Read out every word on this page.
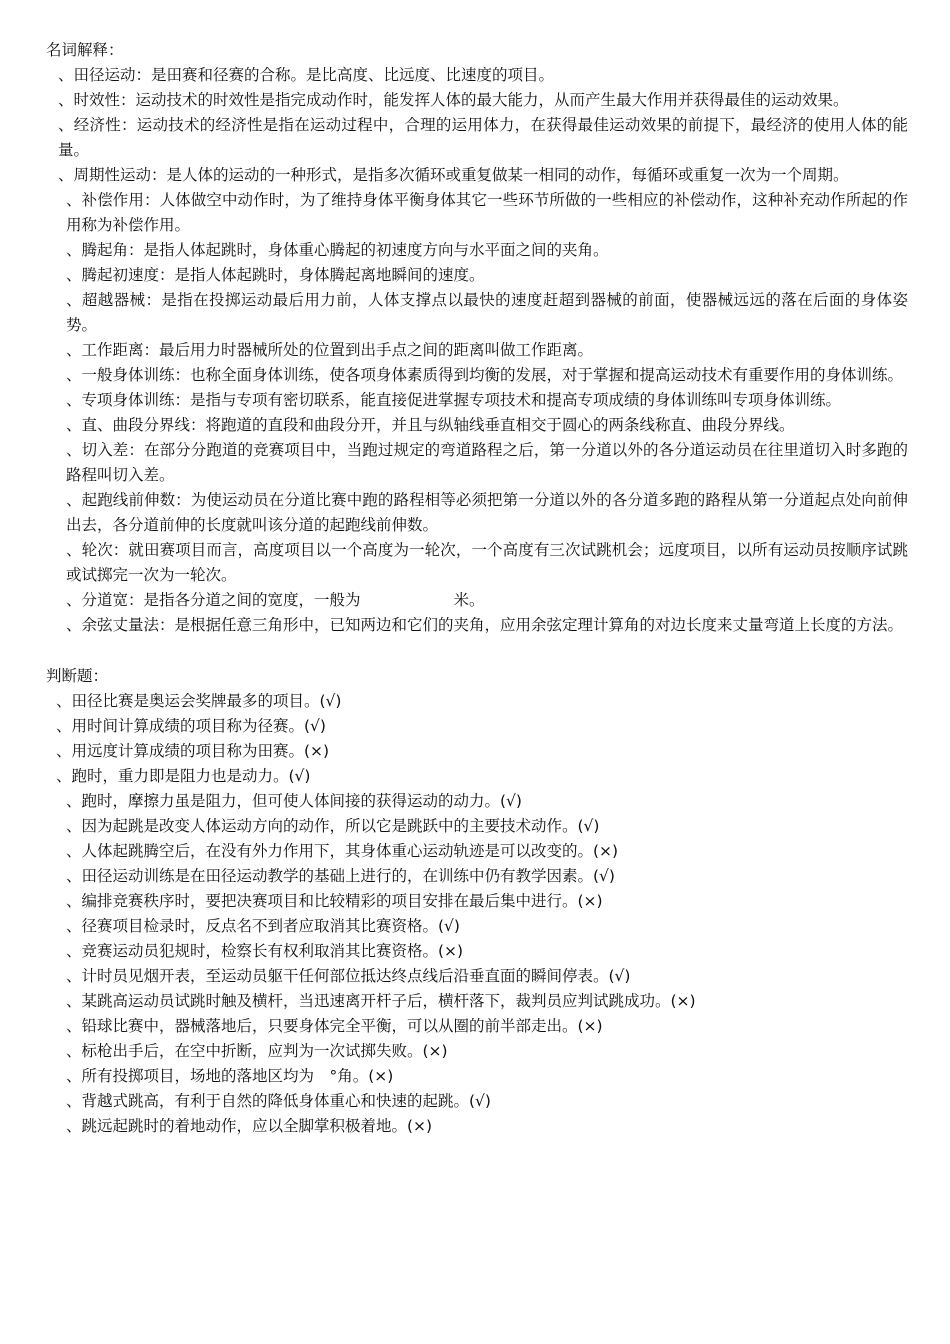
名词解释：
、田径运动：是田赛和径赛的合称。是比高度、比远度、比速度的项目。
、时效性：运动技术的时效性是指完成动作时，能发挥人体的最大能力，从而产生最大作用并获得最佳的运动效果。
、经济性：运动技术的经济性是指在运动过程中，合理的运用体力，在获得最佳运动效果的前提下，最经济的使用人体的能量。
、周期性运动：是人体的运动的一种形式，是指多次循环或重复做某一相同的动作，每循环或重复一次为一个周期。
、补偿作用：人体做空中动作时，为了维持身体平衡身体其它一些环节所做的一些相应的补偿动作，这种补充动作所起的作用称为补偿作用。
、腾起角：是指人体起跳时，身体重心腾起的初速度方向与水平面之间的夹角。
、腾起初速度：是指人体起跳时，身体腾起离地瞬间的速度。
、超越器械：是指在投掷运动最后用力前，人体支撑点以最快的速度赶超到器械的前面，使器械远远的落在后面的身体姿势。
、工作距离：最后用力时器械所处的位置到出手点之间的距离叫做工作距离。
、一般身体训练：也称全面身体训练，使各项身体素质得到均衡的发展，对于掌握和提高运动技术有重要作用的身体训练。
、专项身体训练：是指与专项有密切联系，能直接促进掌握专项技术和提高专项成绩的身体训练叫专项身体训练。
、直、曲段分界线：将跑道的直段和曲段分开，并且与纵轴线垂直相交于圆心的两条线称直、曲段分界线。
、切入差：在部分分跑道的竞赛项目中，当跑过规定的弯道路程之后，第一分道以外的各分道运动员在往里道切入时多跑的路程叫切入差。
、起跑线前伸数：为使运动员在分道比赛中跑的路程相等必须把第一分道以外的各分道多跑的路程从第一分道起点处向前伸出去，各分道前伸的长度就叫该分道的起跑线前伸数。
、轮次：就田赛项目而言，高度项目以一个高度为一轮次，一个高度有三次试跳机会；远度项目，以所有运动员按顺序试跳或试掷完一次为一轮次。
、分道宽：是指各分道之间的宽度，一般为　　　　　　米。
、余弦丈量法：是根据任意三角形中，已知两边和它们的夹角，应用余弦定理计算角的对边长度来丈量弯道上长度的方法。
判断题：
、田径比赛是奥运会奖牌最多的项目。(√)
、用时间计算成绩的项目称为径赛。(√)
、用远度计算成绩的项目称为田赛。(×)
、跑时，重力即是阻力也是动力。(√)
、跑时，摩擦力虽是阻力，但可使人体间接的获得运动的动力。(√)
、因为起跳是改变人体运动方向的动作，所以它是跳跃中的主要技术动作。(√)
、人体起跳腾空后，在没有外力作用下，其身体重心运动轨迹是可以改变的。(×)
、田径运动训练是在田径运动教学的基础上进行的，在训练中仍有教学因素。(√)
、编排竞赛秩序时，要把决赛项目和比较精彩的项目安排在最后集中进行。(×)
、径赛项目检录时，反点名不到者应取消其比赛资格。(√)
、竞赛运动员犯规时，检察长有权利取消其比赛资格。(×)
、计时员见烟开表，至运动员躯干任何部位抵达终点线后沿垂直面的瞬间停表。(√)
、某跳高运动员试跳时触及横杆，当迅速离开杆子后，横杆落下，裁判员应判试跳成功。(×)
、铅球比赛中，器械落地后，只要身体完全平衡，可以从圈的前半部走出。(×)
、标枪出手后，在空中折断，应判为一次试掷失败。(×)
、所有投掷项目，场地的落地区均为　°角。(×)
、背越式跳高，有利于自然的降低身体重心和快速的起跳。(√)
、跳远起跳时的着地动作，应以全脚掌积极着地。(×)
